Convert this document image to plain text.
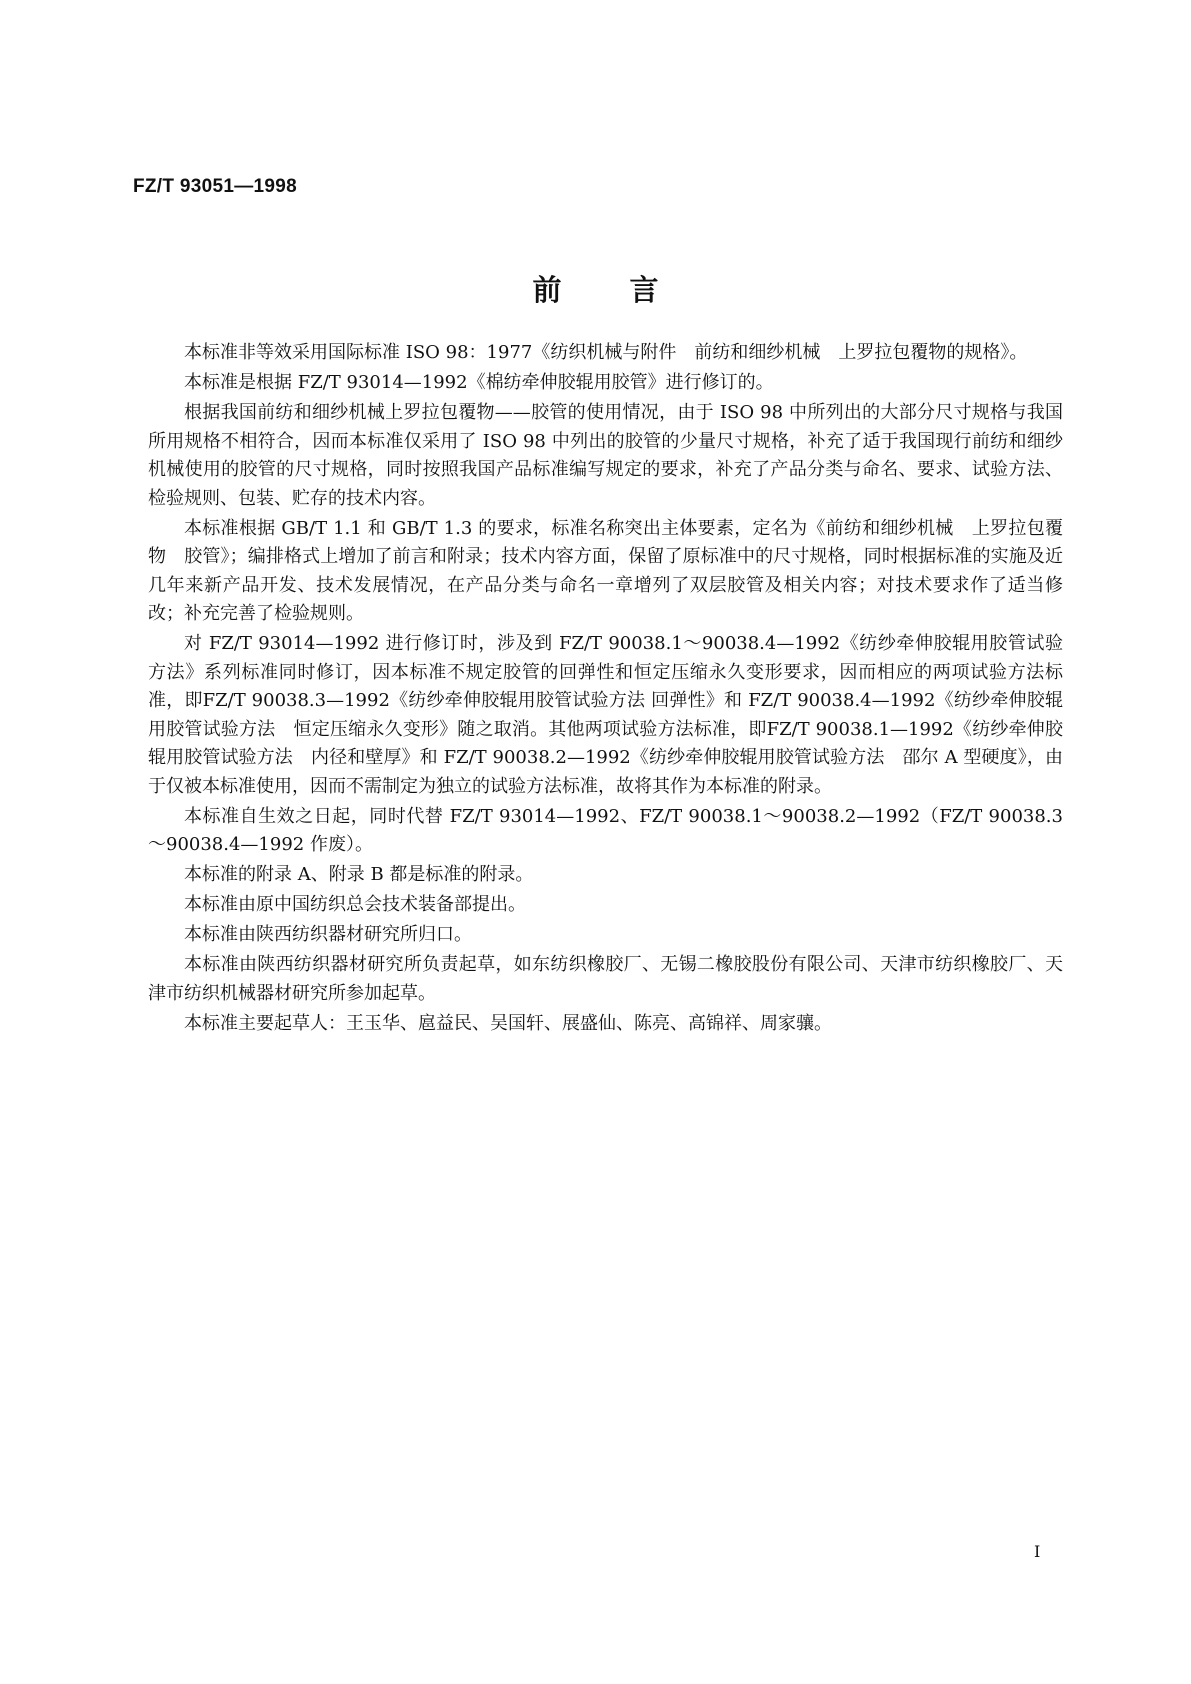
FZ/T 93051—1998
前言

本标准非等效采用国际标准 ISO 98：1977《纺织机械与附件　前纺和细纱机械　上罗拉包覆物的规格》。

本标准是根据 FZ/T 93014—1992《棉纺牵伸胶辊用胶管》进行修订的。

根据我国前纺和细纱机械上罗拉包覆物——胶管的使用情况，由于 ISO 98 中所列出的大部分尺寸规格与我国所用规格不相符合，因而本标准仅采用了 ISO 98 中列出的胶管的少量尺寸规格，补充了适于我国现行前纺和细纱机械使用的胶管的尺寸规格，同时按照我国产品标准编写规定的要求，补充了产品分类与命名、要求、试验方法、检验规则、包装、贮存的技术内容。

本标准根据 GB/T 1.1 和 GB/T 1.3 的要求，标准名称突出主体要素，定名为《前纺和细纱机械　上罗拉包覆物　胶管》；编排格式上增加了前言和附录；技术内容方面，保留了原标准中的尺寸规格，同时根据标准的实施及近几年来新产品开发、技术发展情况，在产品分类与命名一章增列了双层胶管及相关内容；对技术要求作了适当修改；补充完善了检验规则。

对 FZ/T 93014—1992 进行修订时，涉及到 FZ/T 90038.1～90038.4—1992《纺纱牵伸胶辊用胶管试验方法》系列标准同时修订，因本标准不规定胶管的回弹性和恒定压缩永久变形要求，因而相应的两项试验方法标准，即FZ/T 90038.3—1992《纺纱牵伸胶辊用胶管试验方法 回弹性》和 FZ/T 90038.4—1992《纺纱牵伸胶辊用胶管试验方法　恒定压缩永久变形》随之取消。其他两项试验方法标准，即FZ/T 90038.1—1992《纺纱牵伸胶辊用胶管试验方法　内径和壁厚》和 FZ/T 90038.2—1992《纺纱牵伸胶辊用胶管试验方法　邵尔 A 型硬度》，由于仅被本标准使用，因而不需制定为独立的试验方法标准，故将其作为本标准的附录。

本标准自生效之日起，同时代替 FZ/T 93014—1992、FZ/T 90038.1～90038.2—1992（FZ/T 90038.3～90038.4—1992 作废）。

本标准的附录 A、附录 B 都是标准的附录。

本标准由原中国纺织总会技术装备部提出。

本标准由陕西纺织器材研究所归口。

本标准由陕西纺织器材研究所负责起草，如东纺织橡胶厂、无锡二橡胶股份有限公司、天津市纺织橡胶厂、天津市纺织机械器材研究所参加起草。

本标准主要起草人：王玉华、扈益民、吴国轩、展盛仙、陈亮、高锦祥、周家骧。

I
